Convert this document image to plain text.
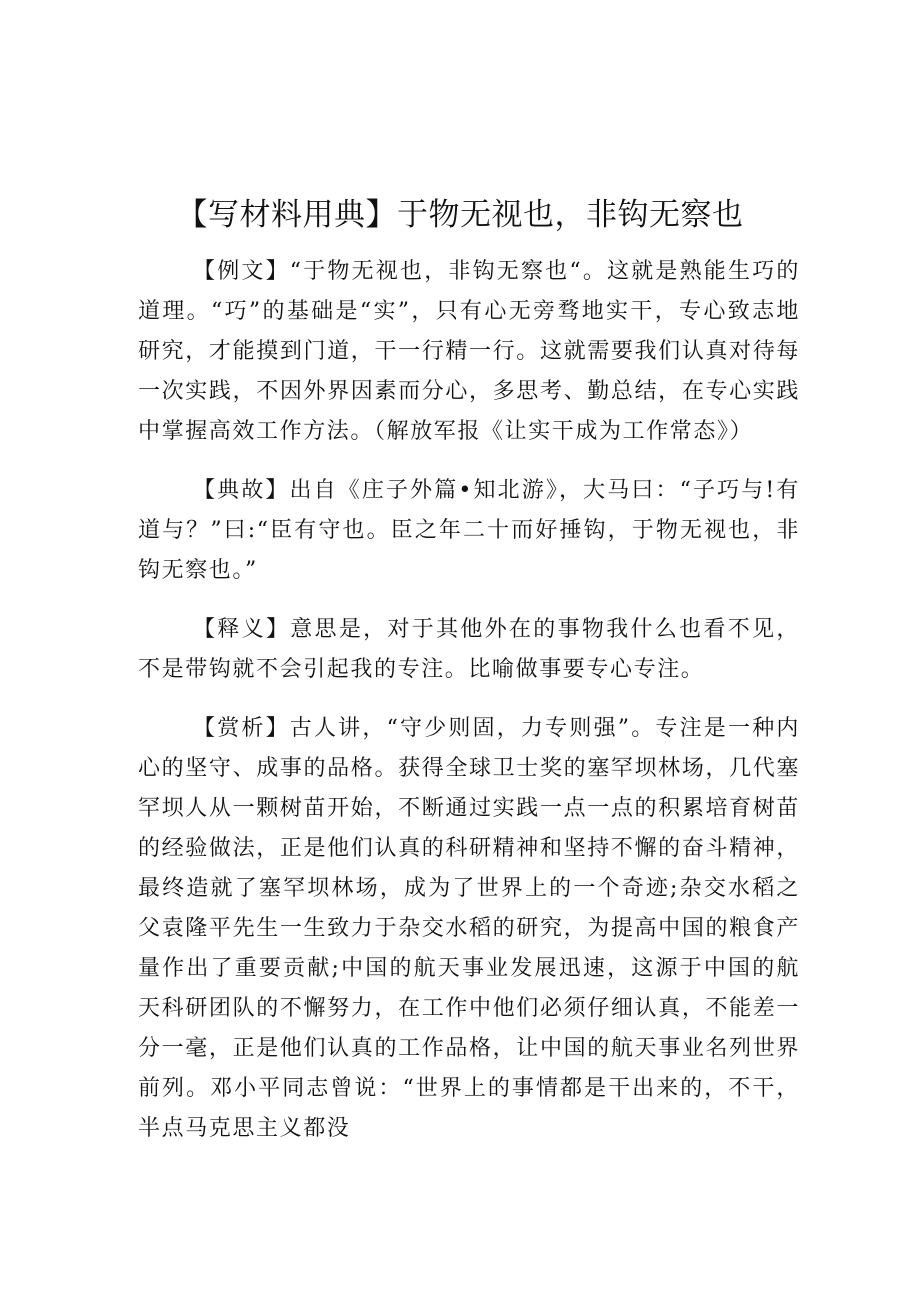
【写材料用典】于物无视也，非钩无察也

【例文】“于物无视也，非钩无察也“。这就是熟能生巧的道理。“巧”的基础是“实”，只有心无旁骛地实干，专心致志地研究，才能摸到门道，干一行精一行。这就需要我们认真对待每一次实践，不因外界因素而分心，多思考、勤总结，在专心实践中掌握高效工作方法。（解放军报《让实干成为工作常态》）

【典故】出自《庄子外篇•知北游》，大马曰：“子巧与!有道与？”曰:“臣有守也。臣之年二十而好捶钩，于物无视也，非钩无察也。”

【释义】意思是，对于其他外在的事物我什么也看不见，不是带钩就不会引起我的专注。比喻做事要专心专注。

【赏析】古人讲，“守少则固，力专则强”。专注是一种内心的坚守、成事的品格。获得全球卫士奖的塞罕坝林场，几代塞罕坝人从一颗树苗开始，不断通过实践一点一点的积累培育树苗的经验做法，正是他们认真的科研精神和坚持不懈的奋斗精神，最终造就了塞罕坝林场，成为了世界上的一个奇迹;杂交水稻之父袁隆平先生一生致力于杂交水稻的研究，为提高中国的粮食产量作出了重要贡献;中国的航天事业发展迅速，这源于中国的航天科研团队的不懈努力，在工作中他们必须仔细认真，不能差一分一毫，正是他们认真的工作品格，让中国的航天事业名列世界前列。邓小平同志曾说：“世界上的事情都是干出来的，不干，半点马克思主义都没
